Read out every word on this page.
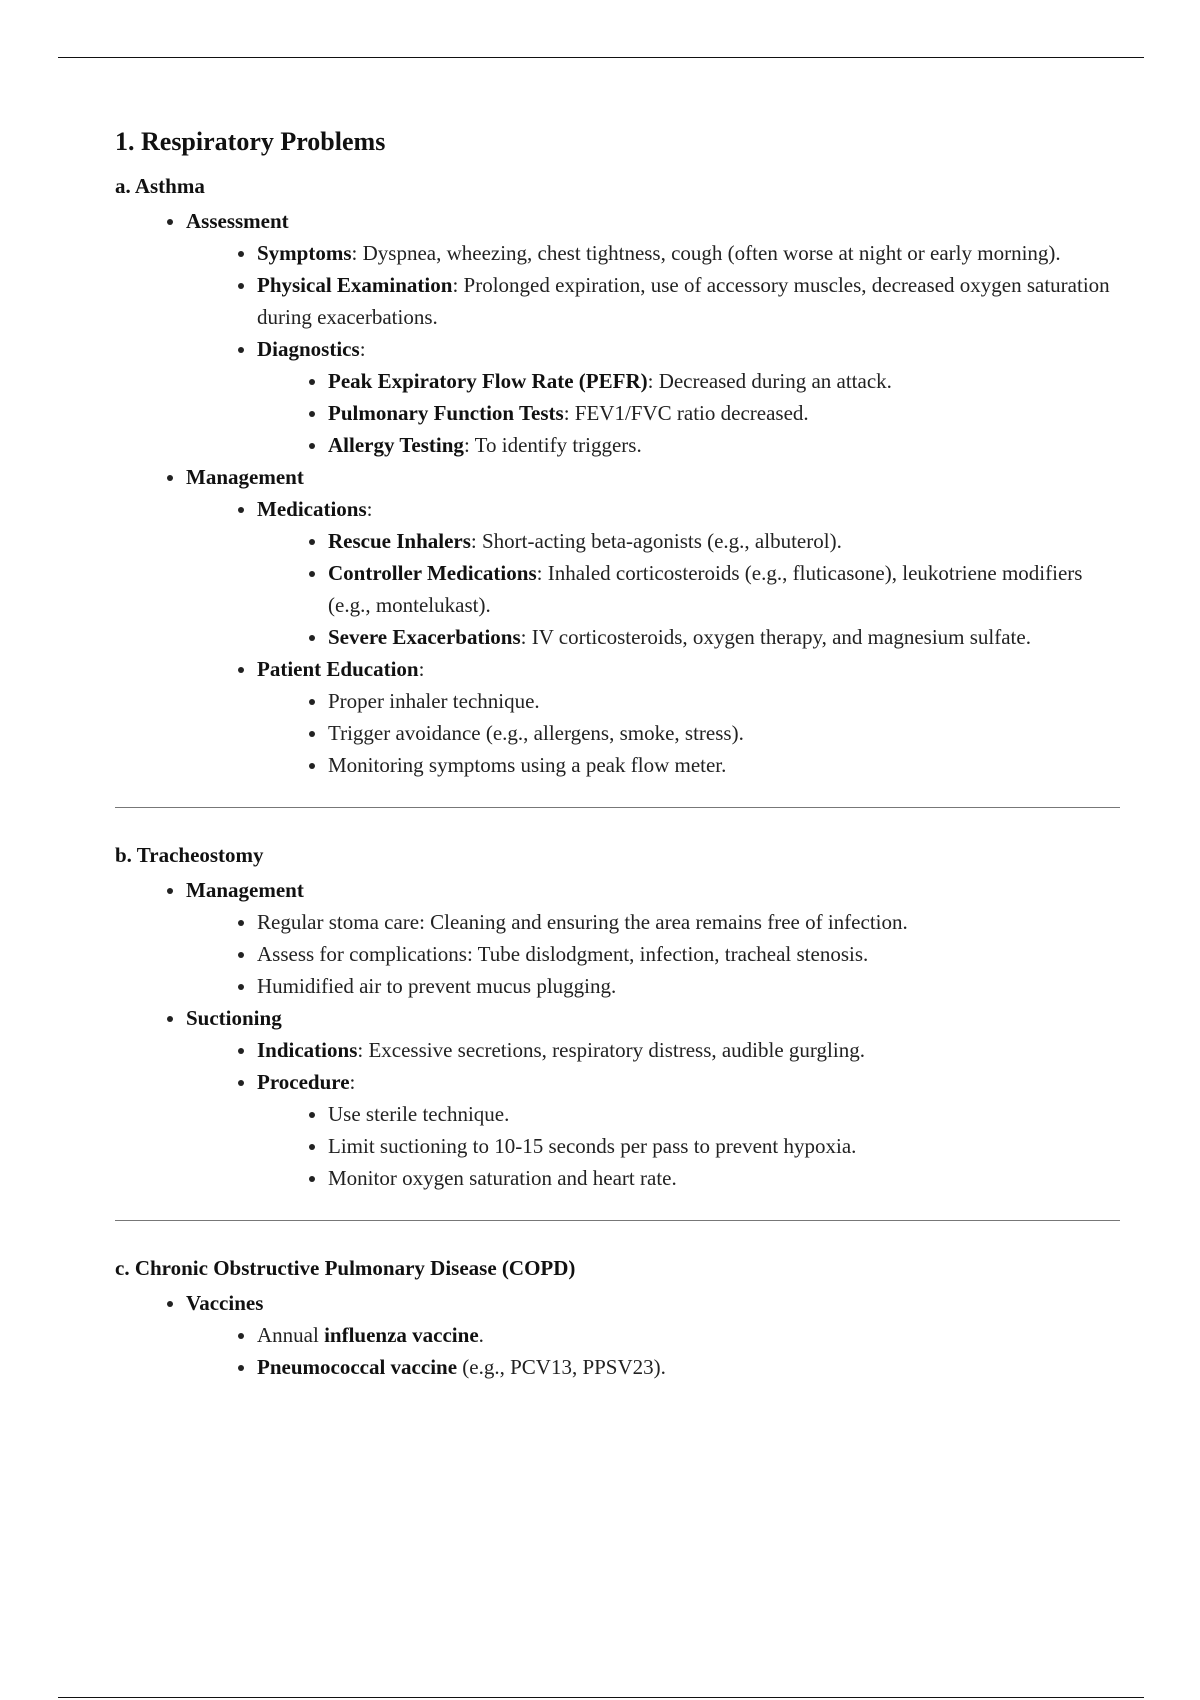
1. Respiratory Problems
a. Asthma
• Assessment
• Symptoms: Dyspnea, wheezing, chest tightness, cough (often worse at night or early morning).
• Physical Examination: Prolonged expiration, use of accessory muscles, decreased oxygen saturation during exacerbations.
• Diagnostics:
• Peak Expiratory Flow Rate (PEFR): Decreased during an attack.
• Pulmonary Function Tests: FEV1/FVC ratio decreased.
• Allergy Testing: To identify triggers.
• Management
• Medications:
• Rescue Inhalers: Short-acting beta-agonists (e.g., albuterol).
• Controller Medications: Inhaled corticosteroids (e.g., fluticasone), leukotriene modifiers (e.g., montelukast).
• Severe Exacerbations: IV corticosteroids, oxygen therapy, and magnesium sulfate.
• Patient Education:
• Proper inhaler technique.
• Trigger avoidance (e.g., allergens, smoke, stress).
• Monitoring symptoms using a peak flow meter.
b. Tracheostomy
• Management
• Regular stoma care: Cleaning and ensuring the area remains free of infection.
• Assess for complications: Tube dislodgment, infection, tracheal stenosis.
• Humidified air to prevent mucus plugging.
• Suctioning
• Indications: Excessive secretions, respiratory distress, audible gurgling.
• Procedure:
• Use sterile technique.
• Limit suctioning to 10-15 seconds per pass to prevent hypoxia.
• Monitor oxygen saturation and heart rate.
c. Chronic Obstructive Pulmonary Disease (COPD)
• Vaccines
• Annual influenza vaccine.
• Pneumococcal vaccine (e.g., PCV13, PPSV23).
